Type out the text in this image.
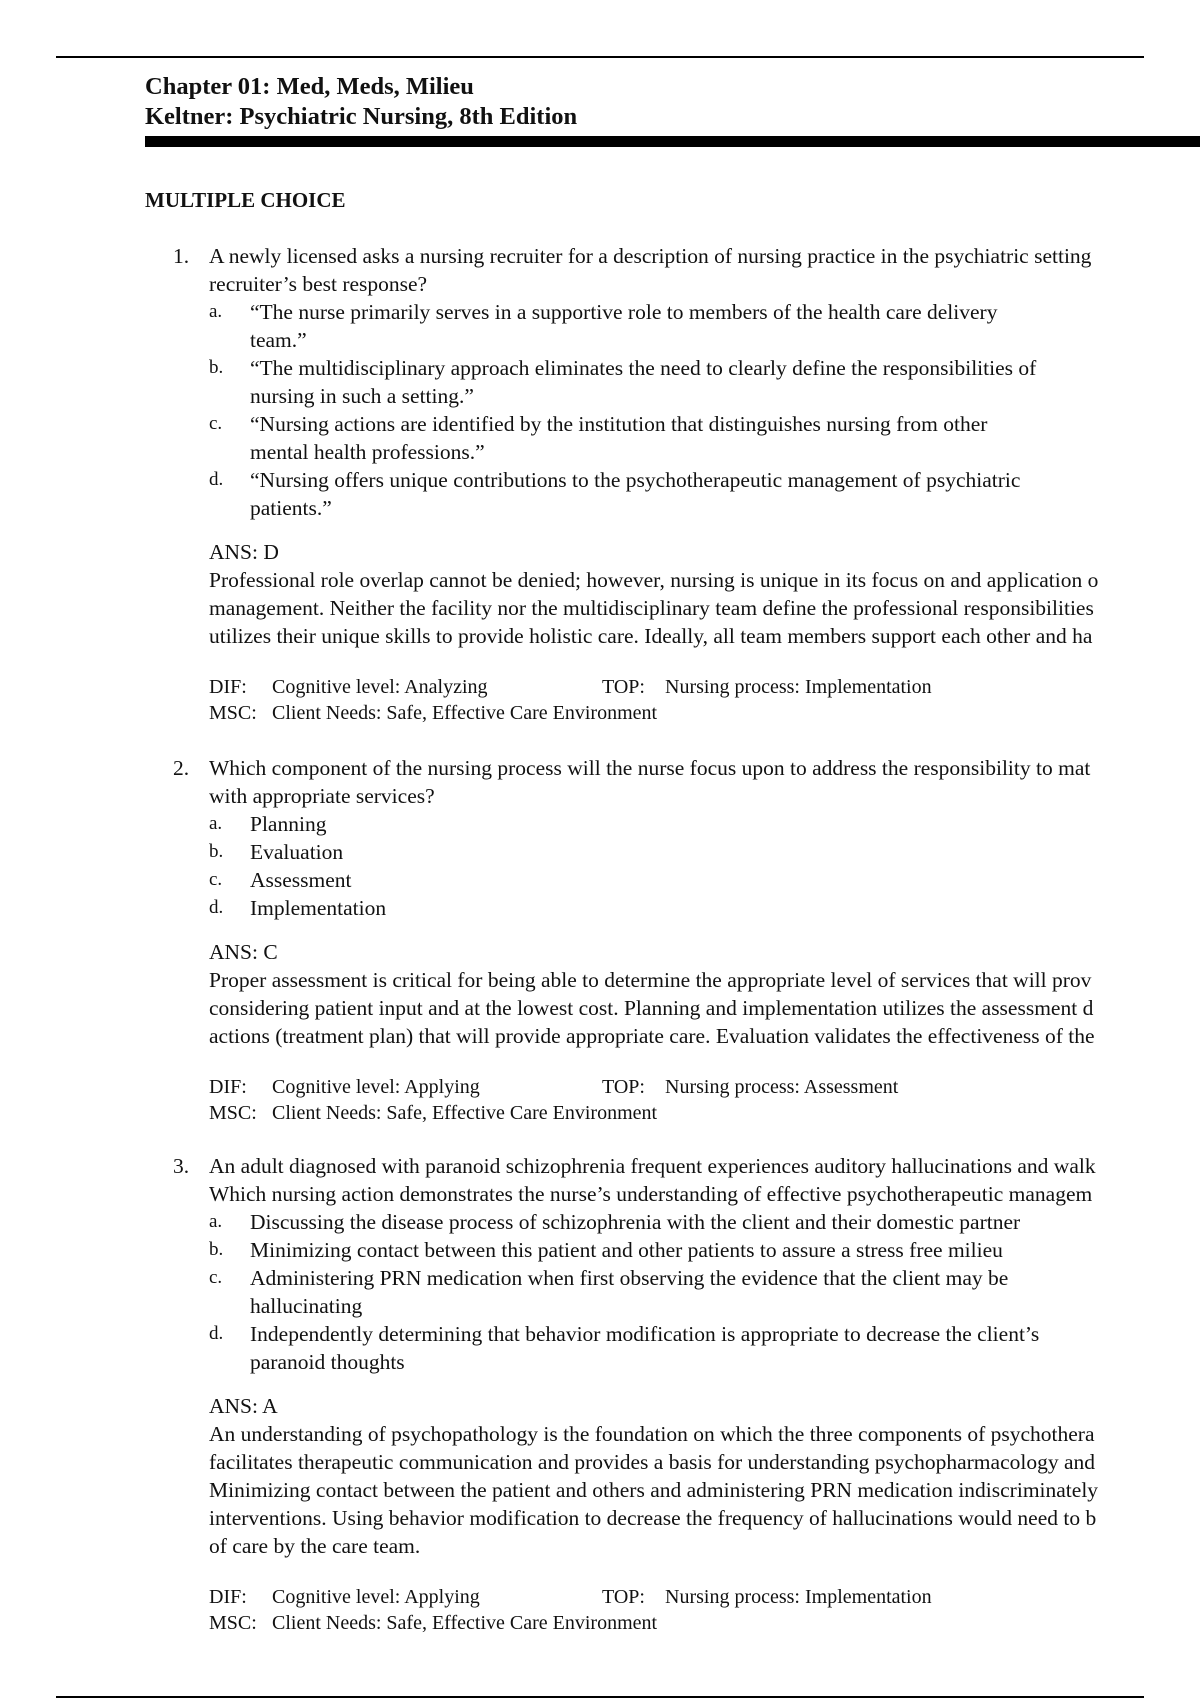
Chapter 01: Med, Meds, Milieu
Keltner: Psychiatric Nursing, 8th Edition
MULTIPLE CHOICE
1. A newly licensed asks a nursing recruiter for a description of nursing practice in the psychiatric setting
recruiter’s best response?
a. “The nurse primarily serves in a supportive role to members of the health care delivery team.”
b. “The multidisciplinary approach eliminates the need to clearly define the responsibilities of nursing in such a setting.”
c. “Nursing actions are identified by the institution that distinguishes nursing from other mental health professions.”
d. “Nursing offers unique contributions to the psychotherapeutic management of psychiatric patients.”
ANS: D
Professional role overlap cannot be denied; however, nursing is unique in its focus on and application o
management. Neither the facility nor the multidisciplinary team define the professional responsibilities
utilizes their unique skills to provide holistic care. Ideally, all team members support each other and ha
DIF: Cognitive level: Analyzing	TOP: Nursing process: Implementation
MSC: Client Needs: Safe, Effective Care Environment
2. Which component of the nursing process will the nurse focus upon to address the responsibility to mat
with appropriate services?
a. Planning
b. Evaluation
c. Assessment
d. Implementation
ANS: C
Proper assessment is critical for being able to determine the appropriate level of services that will prov
considering patient input and at the lowest cost. Planning and implementation utilizes the assessment d
actions (treatment plan) that will provide appropriate care. Evaluation validates the effectiveness of the
DIF: Cognitive level: Applying	TOP: Nursing process: Assessment
MSC: Client Needs: Safe, Effective Care Environment
3. An adult diagnosed with paranoid schizophrenia frequent experiences auditory hallucinations and walk
Which nursing action demonstrates the nurse’s understanding of effective psychotherapeutic managem
a. Discussing the disease process of schizophrenia with the client and their domestic partner
b. Minimizing contact between this patient and other patients to assure a stress free milieu
c. Administering PRN medication when first observing the evidence that the client may be hallucinating
d. Independently determining that behavior modification is appropriate to decrease the client’s paranoid thoughts
ANS: A
An understanding of psychopathology is the foundation on which the three components of psychothera
facilitates therapeutic communication and provides a basis for understanding psychopharmacology and
Minimizing contact between the patient and others and administering PRN medication indiscriminately
interventions. Using behavior modification to decrease the frequency of hallucinations would need to b
of care by the care team.
DIF: Cognitive level: Applying	TOP: Nursing process: Implementation
MSC: Client Needs: Safe, Effective Care Environment
